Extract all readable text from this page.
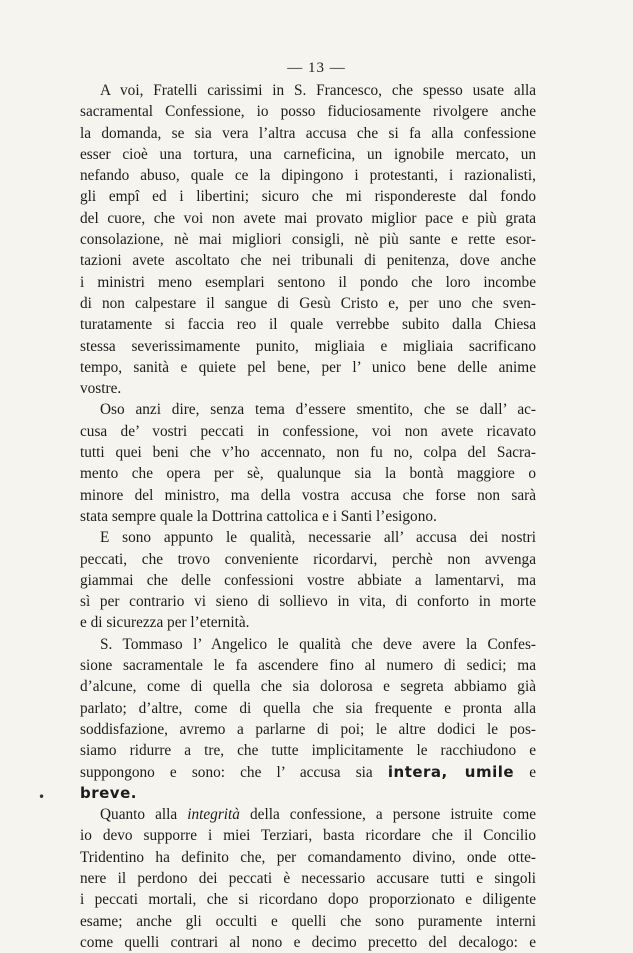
— 13 —
A voi, Fratelli carissimi in S. Francesco, che spesso usate alla
sacramental Confessione, io posso fiduciosamente rivolgere anche
la domanda, se sia vera l’altra accusa che si fa alla confessione
esser cioè una tortura, una carneficina, un ignobile mercato, un
nefando abuso, quale ce la dipingono i protestanti, i razionalisti,
gli empî ed i libertini; sicuro che mi rispondereste dal fondo
del cuore, che voi non avete mai provato miglior pace e più grata
consolazione, nè mai migliori consigli, nè più sante e rette esor-
tazioni avete ascoltato che nei tribunali di penitenza, dove anche
i ministri meno esemplari sentono il pondo che loro incombe
di non calpestare il sangue di Gesù Cristo e, per uno che sven-
turatamente si faccia reo il quale verrebbe subito dalla Chiesa
stessa severissimamente punito, migliaia e migliaia sacrificano
tempo, sanità e quiete pel bene, per l’ unico bene delle anime
vostre.
Oso anzi dire, senza tema d’essere smentito, che se dall’ ac-
cusa de’ vostri peccati in confessione, voi non avete ricavato
tutti quei beni che v’ho accennato, non fu no, colpa del Sacra-
mento che opera per sè, qualunque sia la bontà maggiore o
minore del ministro, ma della vostra accusa che forse non sarà
stata sempre quale la Dottrina cattolica e i Santi l’esigono.
E sono appunto le qualità, necessarie all’ accusa dei nostri
peccati, che trovo conveniente ricordarvi, perchè non avvenga
giammai che delle confessioni vostre abbiate a lamentarvi, ma
sì per contrario vi sieno di sollievo in vita, di conforto in morte
e di sicurezza per l’eternità.
S. Tommaso l’ Angelico le qualità che deve avere la Confes-
sione sacramentale le fa ascendere fino al numero di sedici; ma
d’alcune, come di quella che sia dolorosa e segreta abbiamo già
parlato; d’altre, come di quella che sia frequente e pronta alla
soddisfazione, avremo a parlarne di poi; le altre dodici le pos-
siamo ridurre a tre, che tutte implicitamente le racchiudono e
suppongono e sono: che l’ accusa sia intera, umile e
breve.
Quanto alla integrità della confessione, a persone istruite come
io devo supporre i miei Terziari, basta ricordare che il Concilio
Tridentino ha definito che, per comandamento divino, onde otte-
nere il perdono dei peccati è necessario accusare tutti e singoli
i peccati mortali, che si ricordano dopo proporzionato e diligente
esame; anche gli occulti e quelli che sono puramente interni
come quelli contrari al nono e decimo precetto del decalogo: e
•
